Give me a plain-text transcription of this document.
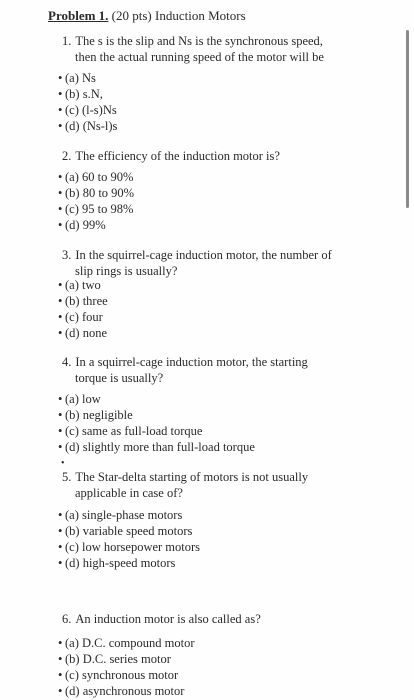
Problem 1. (20 pts) Induction Motors
1. The s is the slip and Ns is the synchronous speed,
then the actual running speed of the motor will be
• (a) Ns
• (b) s.N,
• (c) (l-s)Ns
• (d) (Ns-l)s
2. The efficiency of the induction motor is?
• (a) 60 to 90%
• (b) 80 to 90%
• (c) 95 to 98%
• (d) 99%
3. In the squirrel-cage induction motor, the number of
slip rings is usually?
• (a) two
• (b) three
• (c) four
• (d) none
4. In a squirrel-cage induction motor, the starting
torque is usually?
• (a) low
• (b) negligible
• (c) same as full-load torque
• (d) slightly more than full-load torque
•
5. The Star-delta starting of motors is not usually
applicable in case of?
• (a) single-phase motors
• (b) variable speed motors
• (c) low horsepower motors
• (d) high-speed motors
6. An induction motor is also called as?
• (a) D.C. compound motor
• (b) D.C. series motor
• (c) synchronous motor
• (d) asynchronous motor
